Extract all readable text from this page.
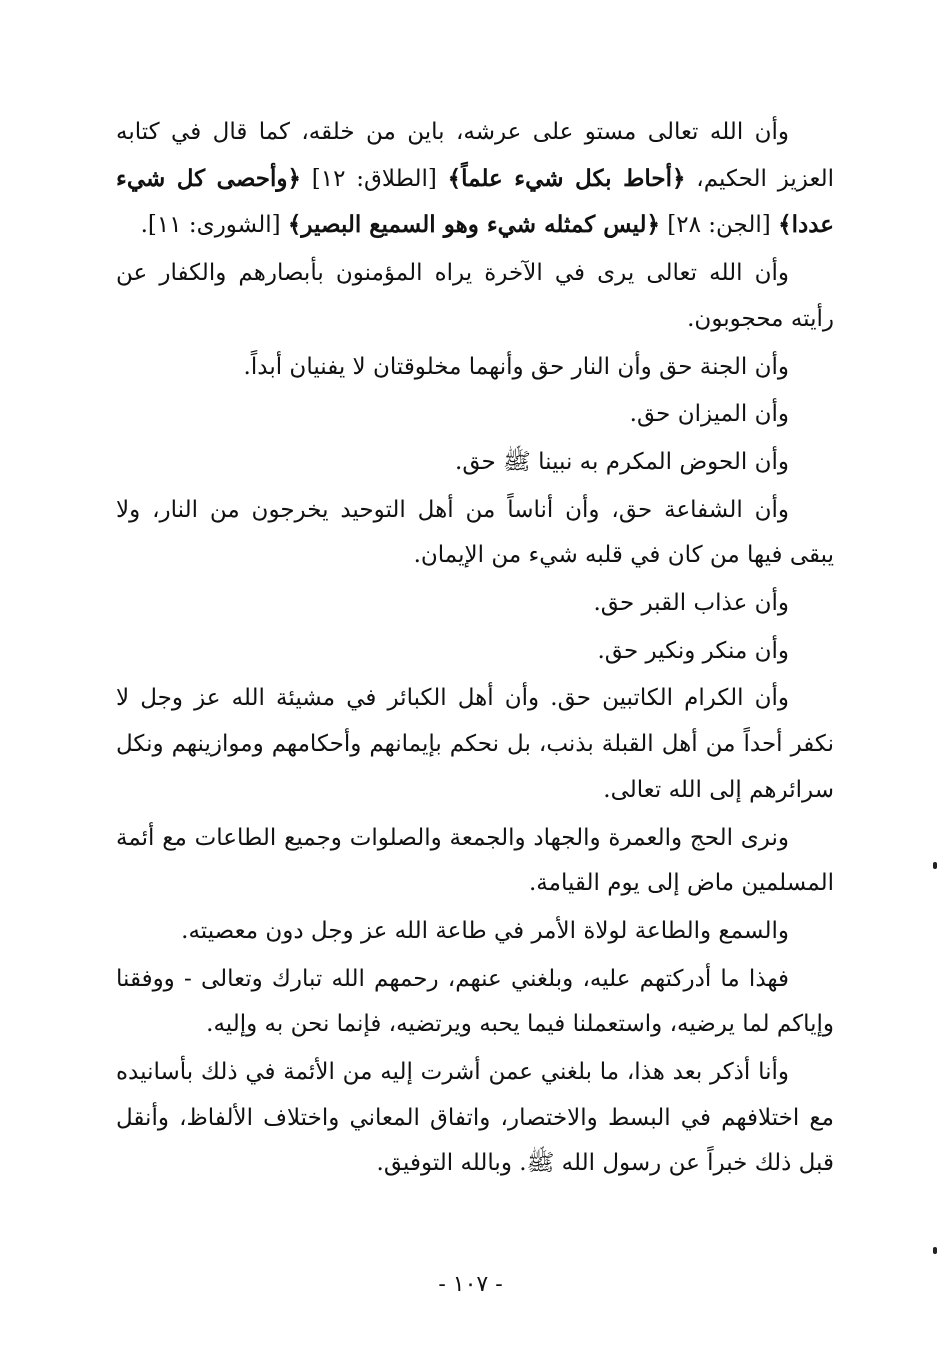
وأن الله تعالى مستو على عرشه، باين من خلقه، كما قال في كتابه العزيز الحكيم، ﴿أحاط بكل شيء علماً﴾ [الطلاق: ١٢] ﴿وأحصى كل شيء عددا﴾ [الجن: ٢٨] ﴿ليس كمثله شيء وهو السميع البصير﴾ [الشورى: ١١].

وأن الله تعالى يرى في الآخرة يراه المؤمنون بأبصارهم والكفار عن رأيته محجوبون.

وأن الجنة حق وأن النار حق وأنهما مخلوقتان لا يفنيان أبداً.

وأن الميزان حق.

وأن الحوض المكرم به نبينا ﷺ حق.

وأن الشفاعة حق، وأن أناساً من أهل التوحيد يخرجون من النار، ولا يبقى فيها من كان في قلبه شيء من الإيمان.

وأن عذاب القبر حق.

وأن منكر ونكير حق.

وأن الكرام الكاتبين حق. وأن أهل الكبائر في مشيئة الله عز وجل لا نكفر أحداً من أهل القبلة بذنب، بل نحكم بإيمانهم وأحكامهم وموازينهم ونكل سرائرهم إلى الله تعالى.

ونرى الحج والعمرة والجهاد والجمعة والصلوات وجميع الطاعات مع أئمة المسلمين ماض إلى يوم القيامة.

والسمع والطاعة لولاة الأمر في طاعة الله عز وجل دون معصيته.

فهذا ما أدركتهم عليه، وبلغني عنهم، رحمهم الله تبارك وتعالى - ووفقنا وإياكم لما يرضيه، واستعملنا فيما يحبه ويرتضيه، فإنما نحن به وإليه.

وأنا أذكر بعد هذا، ما بلغني عمن أشرت إليه من الأئمة في ذلك بأسانيده مع اختلافهم في البسط والاختصار، واتفاق المعاني واختلاف الألفاظ، وأنقل قبل ذلك خبراً عن رسول الله ﷺ. وبالله التوفيق.

- ١٠٧ -
